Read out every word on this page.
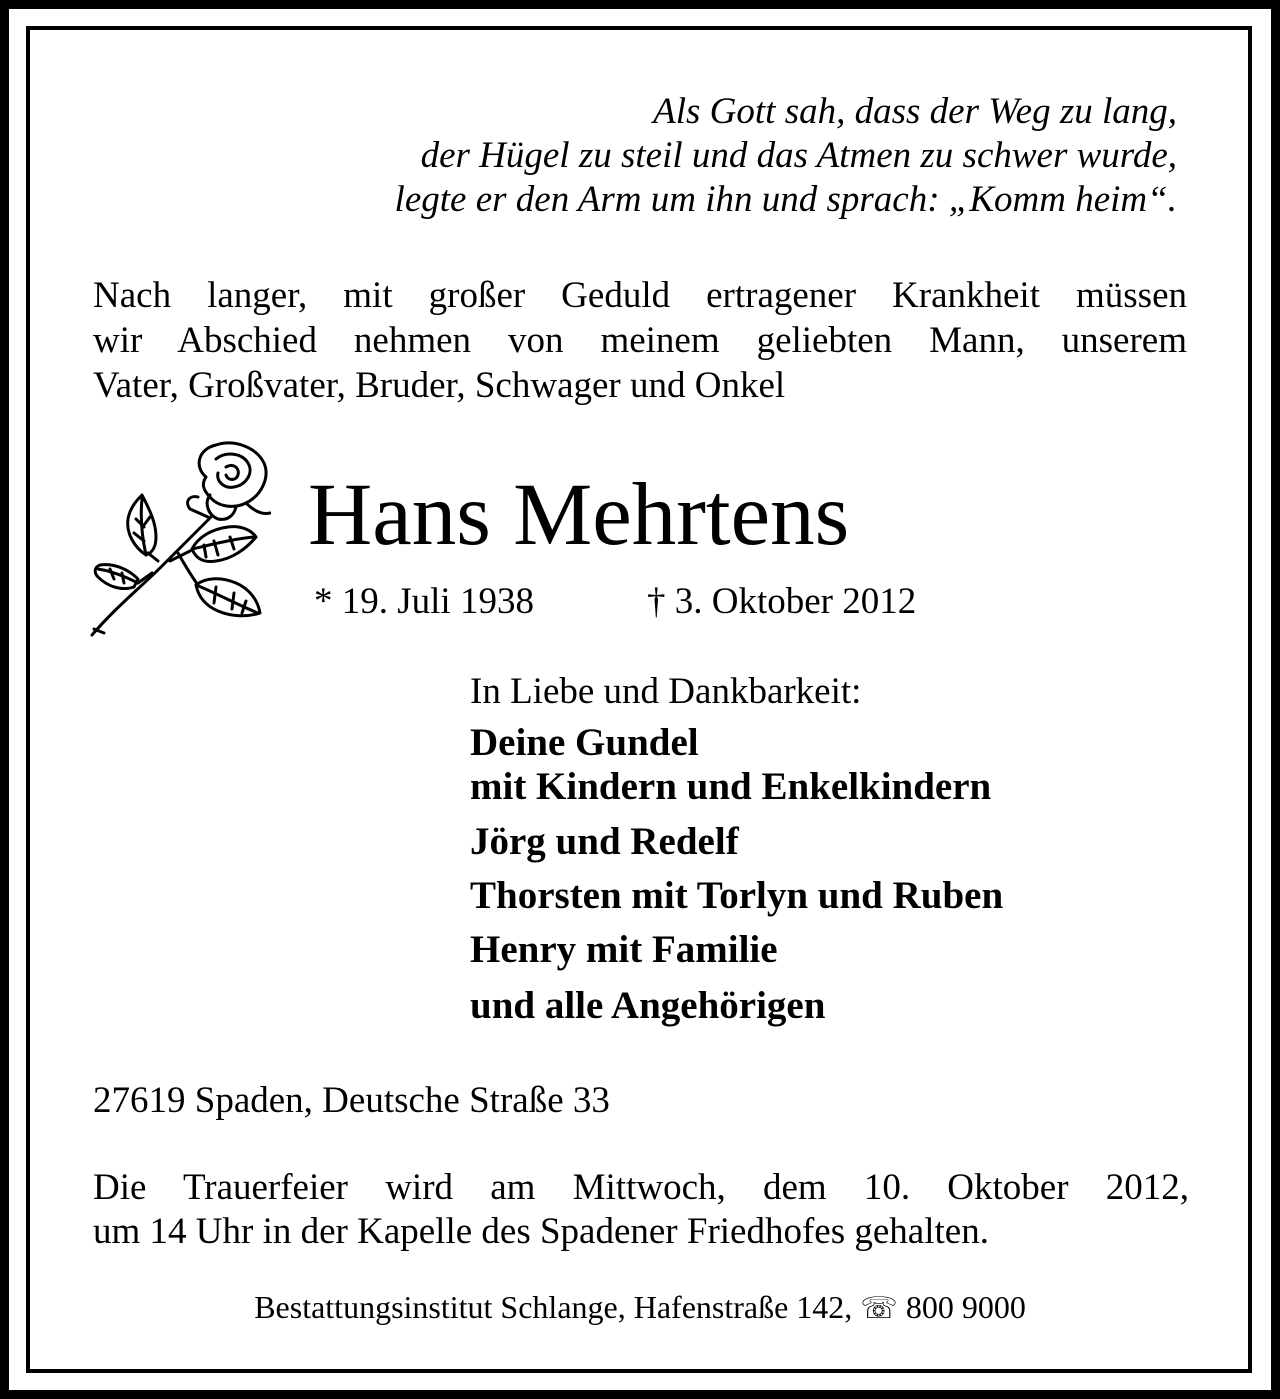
Als Gott sah, dass der Weg zu lang,
der Hügel zu steil und das Atmen zu schwer wurde,
legte er den Arm um ihn und sprach: „Komm heim“.
Nach langer, mit großer Geduld ertragener Krankheit müssen
wir Abschied nehmen von meinem geliebten Mann, unserem
Vater, Großvater, Bruder, Schwager und Onkel
Hans Mehrtens
* 19. Juli 1938	† 3. Oktober 2012
In Liebe und Dankbarkeit:
Deine Gundel
mit Kindern und Enkelkindern
Jörg und Redelf
Thorsten mit Torlyn und Ruben
Henry mit Familie
und alle Angehörigen
27619 Spaden, Deutsche Straße 33
Die Trauerfeier wird am Mittwoch, dem 10. Oktober 2012,
um 14 Uhr in der Kapelle des Spadener Friedhofes gehalten.
Bestattungsinstitut Schlange, Hafenstraße 142, ☏ 800 9000
